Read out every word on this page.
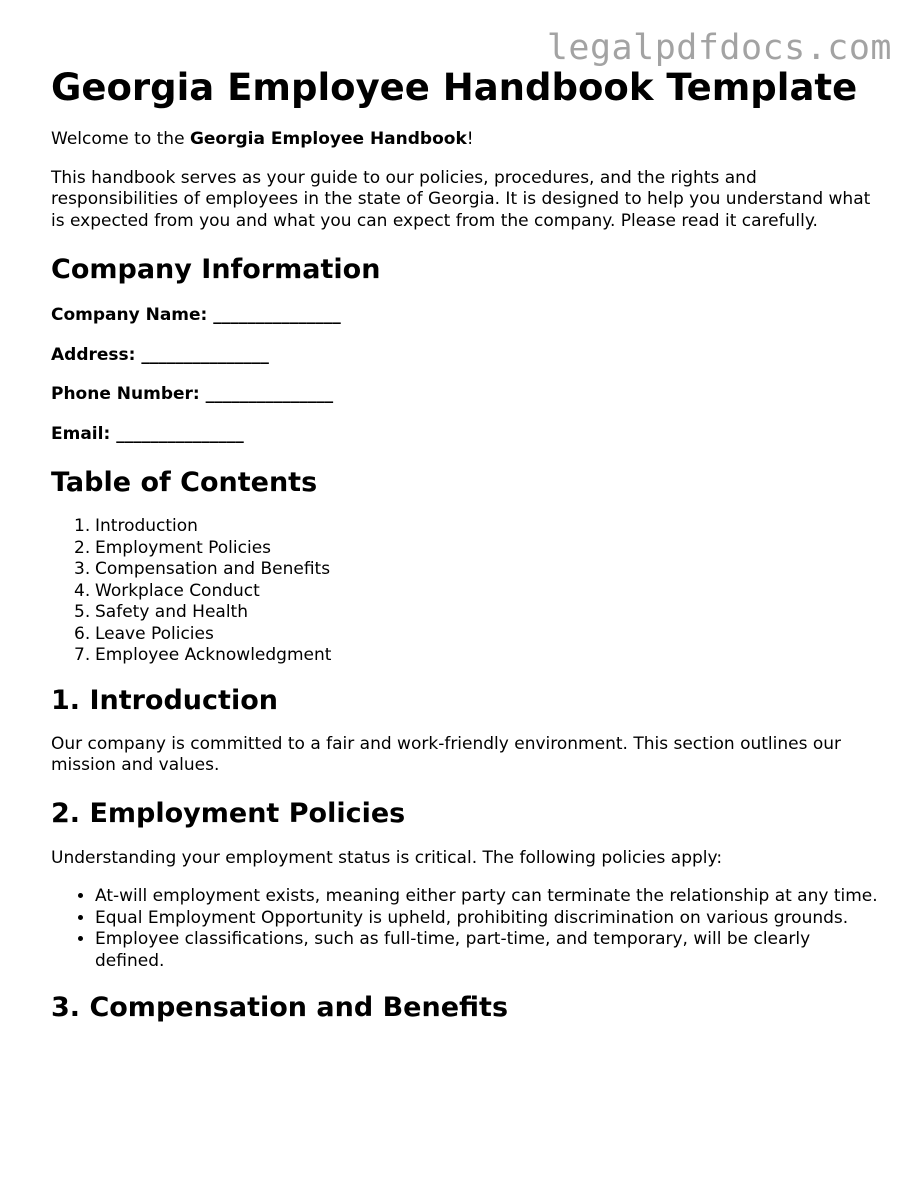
legalpdfdocs.com
Georgia Employee Handbook Template

Welcome to the Georgia Employee Handbook!

This handbook serves as your guide to our policies, procedures, and the rights and responsibilities of employees in the state of Georgia. It is designed to help you understand what is expected from you and what you can expect from the company. Please read it carefully.

Company Information

Company Name: _______________

Address: _______________

Phone Number: _______________

Email: _______________

Table of Contents
1. Introduction
2. Employment Policies
3. Compensation and Benefits
4. Workplace Conduct
5. Safety and Health
6. Leave Policies
7. Employee Acknowledgment
1. Introduction

Our company is committed to a fair and work-friendly environment. This section outlines our mission and values.

2. Employment Policies

Understanding your employment status is critical. The following policies apply:

• At-will employment exists, meaning either party can terminate the relationship at any time.
• Equal Employment Opportunity is upheld, prohibiting discrimination on various grounds.
• Employee classifications, such as full-time, part-time, and temporary, will be clearly defined.
3. Compensation and Benefits
